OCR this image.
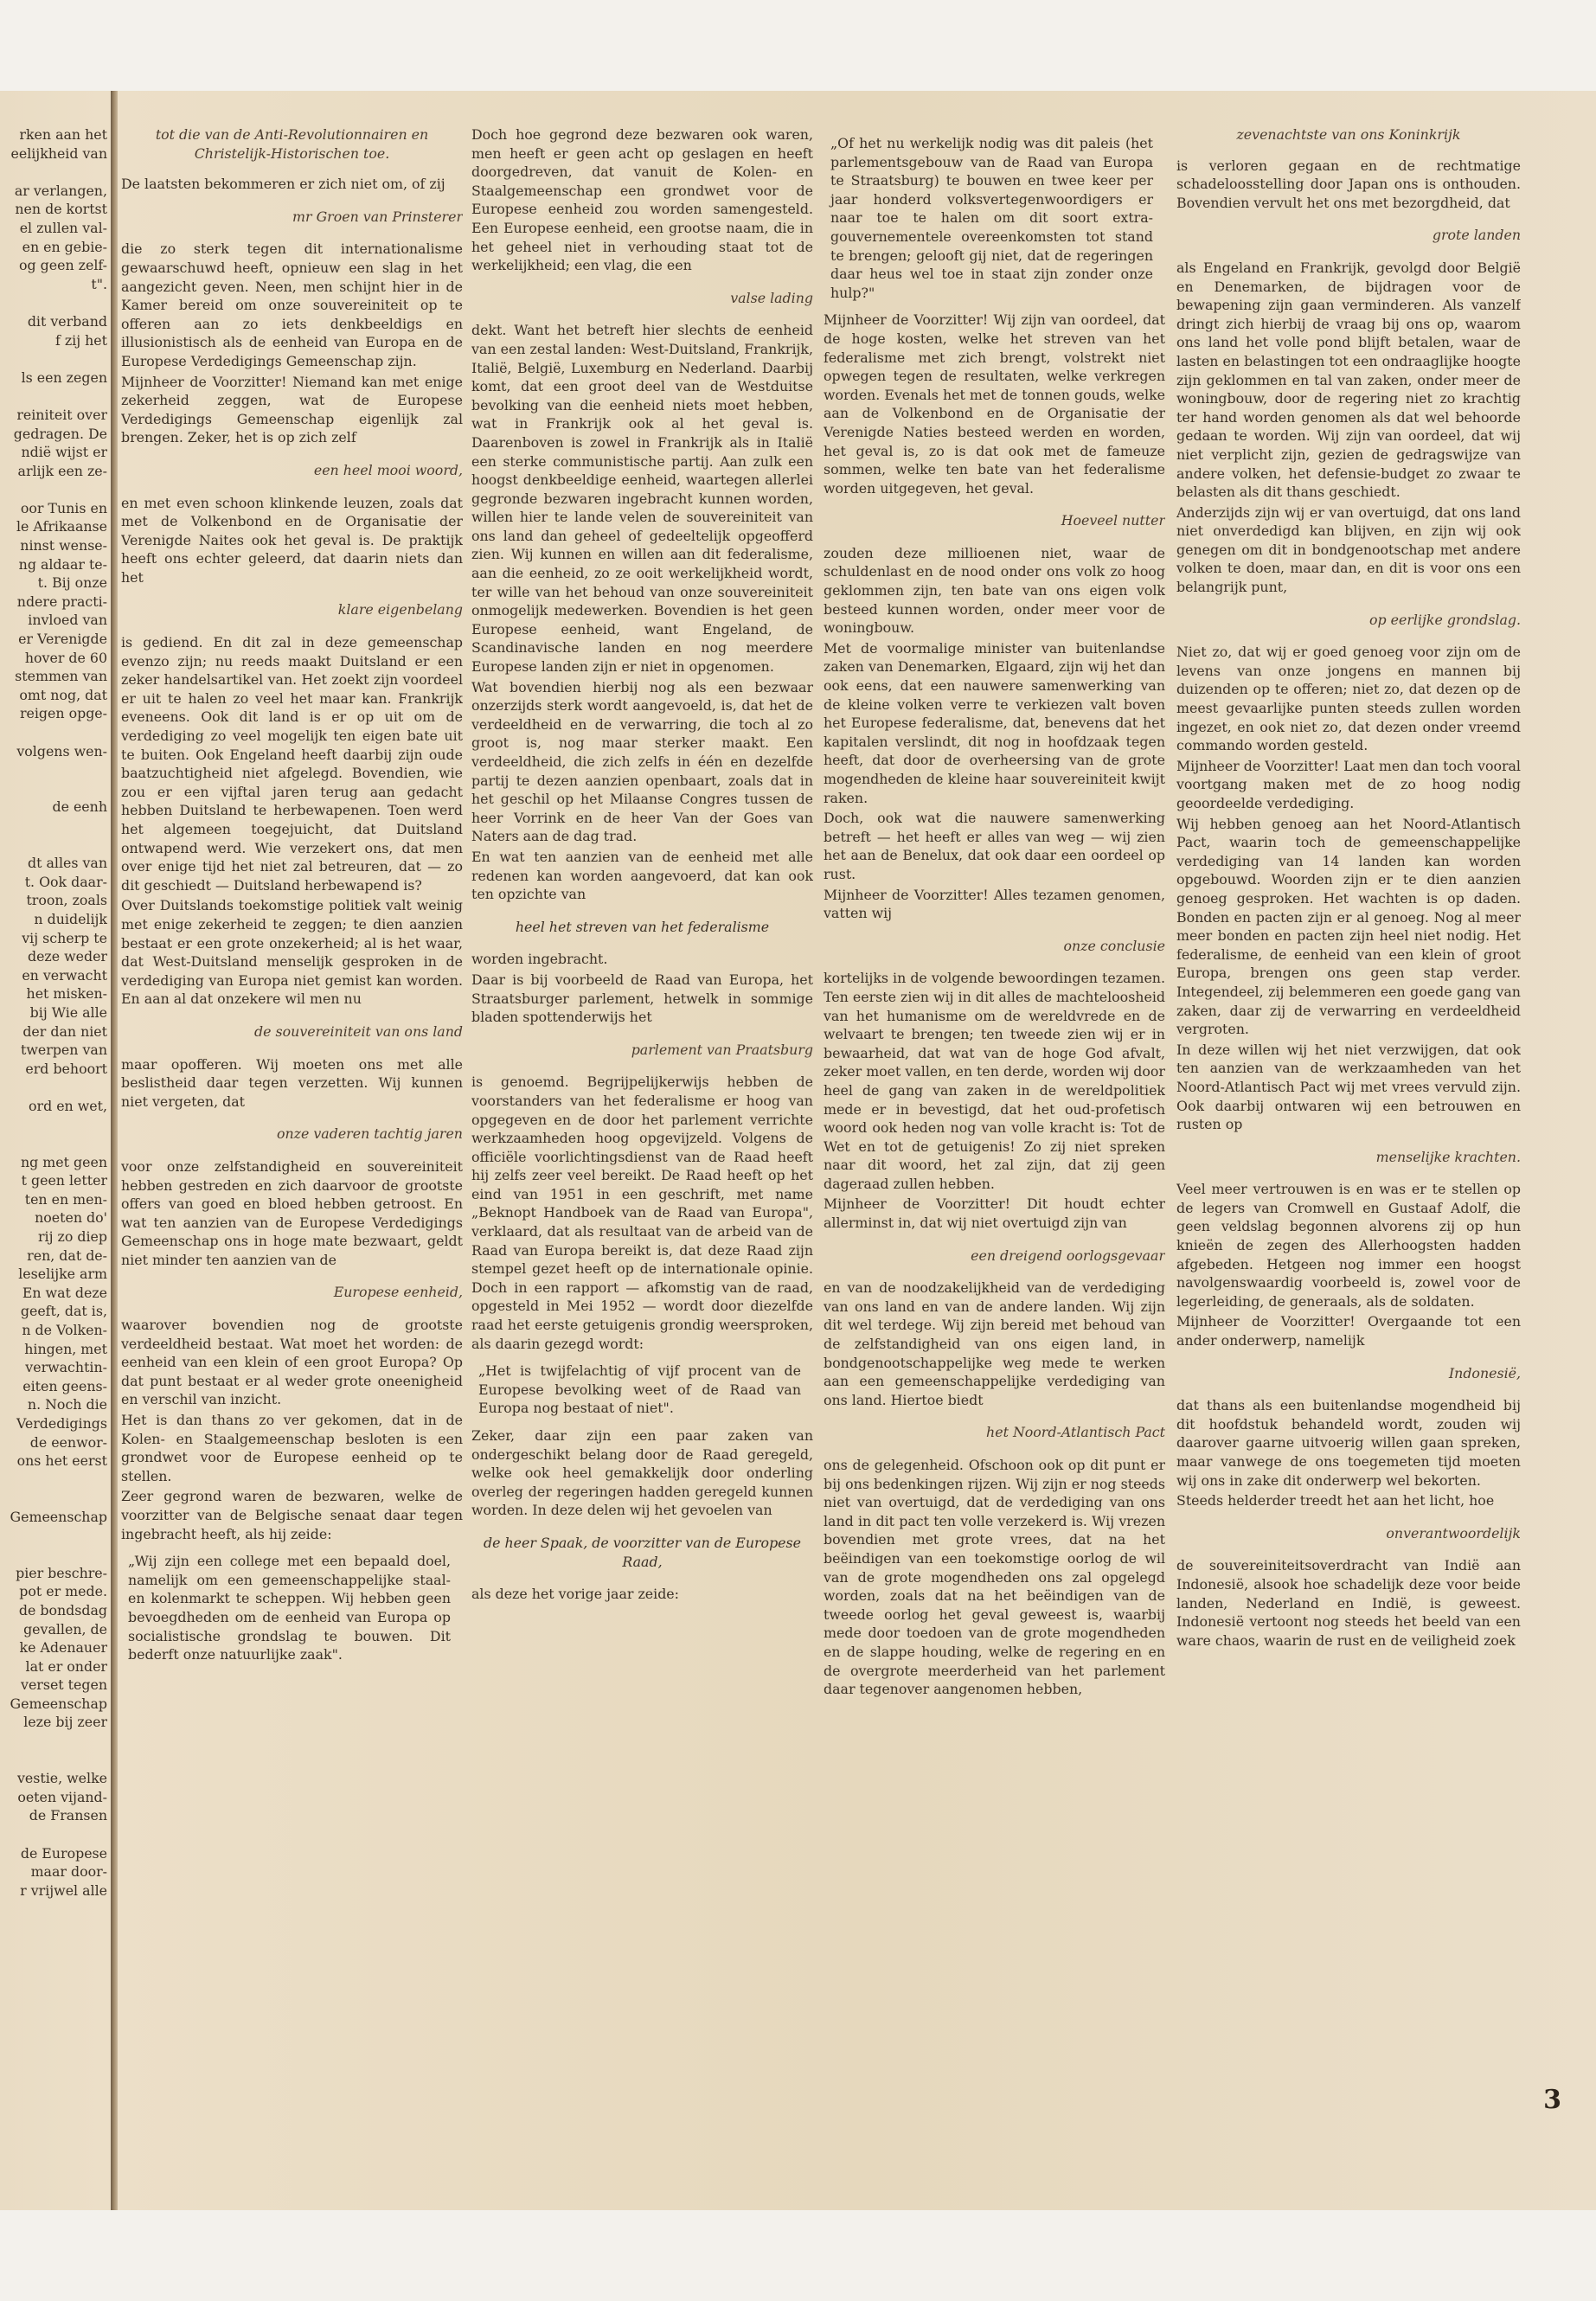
rken aan het
eelijkheid van

ar verlangen,
nen de kortst
el zullen val-
en en gebie-
og geen zelf-
t".

dit verband
f zij het

ls een zegen

reiniteit over
gedragen. De
ndië wijst er
arlijk een ze-

oor Tunis en
le Afrikaanse
ninst wense-
ng aldaar te-
t. Bij onze
ndere practi-
invloed van
er Verenigde
hover de 60
stemmen van
omt nog, dat
reigen opge-

volgens wen-

de eenh

dt alles van
t. Ook daar-
troon, zoals
n duidelijk
vij scherp te
deze weder
en verwacht
het misken-
bij Wie alle
der dan niet
twerpen van
erd behoort

ord en wet,

ng met geen
t geen letter
ten en men-
noeten do'
rij zo diep
ren, dat de-
leselijke arm
En wat deze
geeft, dat is,
n de Volken-
hingen, met
verwachtin-
eiten geens-
n. Noch die
Verdedigings
de eenwor-
ons het eerst

Gemeenschap

pier beschre-
pot er mede.
de bondsdag
gevallen, de
ke Adenauer
lat er onder
verset tegen
Gemeenschap
leze bij zeer

vestie, welke
oeten vijand-
de Fransen

de Europese
maar door-
r vrijwel alle
tot die van de Anti-Revolutionnairen en Christelijk-Historischen toe.

De laatsten bekommeren er zich niet om, of zij

mr Groen van Prinsterer

die zo sterk tegen dit internationalisme gewaarschuwd heeft, opnieuw een slag in het aangezicht geven. Neen, men schijnt hier in de Kamer bereid om onze souvereiniteit op te offeren aan zo iets denkbeeldigs en illusionistisch als de eenheid van Europa en de Europese Verdedigings Gemeenschap zijn.

Mijnheer de Voorzitter! Niemand kan met enige zekerheid zeggen, wat de Europese Verdedigings Gemeenschap eigenlijk zal brengen. Zeker, het is op zich zelf

een heel mooi woord,

en met even schoon klinkende leuzen, zoals dat met de Volkenbond en de Organisatie der Verenigde Naites ook het geval is. De praktijk heeft ons echter geleerd, dat daarin niets dan het

klare eigenbelang

is gediend. En dit zal in deze gemeenschap evenzo zijn; nu reeds maakt Duitsland er een zeker handelsartikel van. Het zoekt zijn voordeel er uit te halen zo veel het maar kan. Frankrijk eveneens. Ook dit land is er op uit om de verdediging zo veel mogelijk ten eigen bate uit te buiten. Ook Engeland heeft daarbij zijn oude baatzuchtigheid niet afgelegd. Bovendien, wie zou er een vijftal jaren terug aan gedacht hebben Duitsland te herbewapenen. Toen werd het algemeen toegejuicht, dat Duitsland ontwapend werd. Wie verzekert ons, dat men over enige tijd het niet zal betreuren, dat — zo dit geschiedt — Duitsland herbewapend is?

Over Duitslands toekomstige politiek valt weinig met enige zekerheid te zeggen; te dien aanzien bestaat er een grote onzekerheid; al is het waar, dat West-Duitsland menselijk gesproken in de verdediging van Europa niet gemist kan worden. En aan al dat onzekere wil men nu

de souvereiniteit van ons land

maar opofferen. Wij moeten ons met alle beslistheid daar tegen verzetten. Wij kunnen niet vergeten, dat

onze vaderen tachtig jaren

voor onze zelfstandigheid en souvereiniteit hebben gestreden en zich daarvoor de grootste offers van goed en bloed hebben getroost. En wat ten aanzien van de Europese Verdedigings Gemeenschap ons in hoge mate bezwaart, geldt niet minder ten aanzien van de

Europese eenheid,

waarover bovendien nog de grootste verdeeldheid bestaat. Wat moet het worden: de eenheid van een klein of een groot Europa? Op dat punt bestaat er al weder grote oneenigheid en verschil van inzicht.

Het is dan thans zo ver gekomen, dat in de Kolen- en Staalgemeenschap besloten is een grondwet voor de Europese eenheid op te stellen.

Zeer gegrond waren de bezwaren, welke de voorzitter van de Belgische senaat daar tegen ingebracht heeft, als hij zeide:

„Wij zijn een college met een bepaald doel, namelijk om een gemeenschappelijke staal- en kolenmarkt te scheppen. Wij hebben geen bevoegdheden om de eenheid van Europa op socialistische grondslag te bouwen. Dit bederft onze natuurlijke zaak".

Doch hoe gegrond deze bezwaren ook waren, men heeft er geen acht op geslagen en heeft doorgedreven, dat vanuit de Kolen- en Staalgemeenschap een grondwet voor de Europese eenheid zou worden samengesteld. Een Europese eenheid, een grootse naam, die in het geheel niet in verhouding staat tot de werkelijkheid; een vlag, die een

valse lading

dekt. Want het betreft hier slechts de eenheid van een zestal landen: West-Duitsland, Frankrijk, Italië, België, Luxemburg en Nederland. Daarbij komt, dat een groot deel van de Westduitse bevolking van die eenheid niets moet hebben, wat in Frankrijk ook al het geval is. Daarenboven is zowel in Frankrijk als in Italië een sterke communistische partij. Aan zulk een hoogst denkbeeldige eenheid, waartegen allerlei gegronde bezwaren ingebracht kunnen worden, willen hier te lande velen de souvereiniteit van ons land dan geheel of gedeeltelijk opgeofferd zien. Wij kunnen en willen aan dit federalisme, aan die eenheid, zo ze ooit werkelijkheid wordt, ter wille van het behoud van onze souvereiniteit onmogelijk medewerken. Bovendien is het geen Europese eenheid, want Engeland, de Scandinavische landen en nog meerdere Europese landen zijn er niet in opgenomen.

Wat bovendien hierbij nog als een bezwaar onzerzijds sterk wordt aangevoeld, is, dat het de verdeeldheid en de verwarring, die toch al zo groot is, nog maar sterker maakt. Een verdeeldheid, die zich zelfs in één en dezelfde partij te dezen aanzien openbaart, zoals dat in het geschil op het Milaanse Congres tussen de heer Vorrink en de heer Van der Goes van Naters aan de dag trad.

En wat ten aanzien van de eenheid met alle redenen kan worden aangevoerd, dat kan ook ten opzichte van

heel het streven van het federalisme

worden ingebracht.

Daar is bij voorbeeld de Raad van Europa, het Straatsburger parlement, hetwelk in sommige bladen spottenderwijs het

parlement van Praatsburg

is genoemd. Begrijpelijkerwijs hebben de voorstanders van het federalisme er hoog van opgegeven en de door het parlement verrichte werkzaamheden hoog opgevijzeld. Volgens de officiële voorlichtingsdienst van de Raad heeft hij zelfs zeer veel bereikt. De Raad heeft op het eind van 1951 in een geschrift, met name „Beknopt Handboek van de Raad van Europa", verklaard, dat als resultaat van de arbeid van de Raad van Europa bereikt is, dat deze Raad zijn stempel gezet heeft op de internationale opinie. Doch in een rapport — afkomstig van de raad, opgesteld in Mei 1952 — wordt door diezelfde raad het eerste getuigenis grondig weersproken, als daarin gezegd wordt:

„Het is twijfelachtig of vijf procent van de Europese bevolking weet of de Raad van Europa nog bestaat of niet".

Zeker, daar zijn een paar zaken van ondergeschikt belang door de Raad geregeld, welke ook heel gemakkelijk door onderling overleg der regeringen hadden geregeld kunnen worden. In deze delen wij het gevoelen van

de heer Spaak, de voorzitter van de Europese Raad,

als deze het vorige jaar zeide:

„Of het nu werkelijk nodig was dit paleis (het parlementsgebouw van de Raad van Europa te Straatsburg) te bouwen en twee keer per jaar honderd volksvertegenwoordigers er naar toe te halen om dit soort extra-gouvernementele overeenkomsten tot stand te brengen; gelooft gij niet, dat de regeringen daar heus wel toe in staat zijn zonder onze hulp?"

Mijnheer de Voorzitter! Wij zijn van oordeel, dat de hoge kosten, welke het streven van het federalisme met zich brengt, volstrekt niet opwegen tegen de resultaten, welke verkregen worden. Evenals het met de tonnen gouds, welke aan de Volkenbond en de Organisatie der Verenigde Naties besteed werden en worden, het geval is, zo is dat ook met de fameuze sommen, welke ten bate van het federalisme worden uitgegeven, het geval.

Hoeveel nutter

zouden deze millioenen niet, waar de schuldenlast en de nood onder ons volk zo hoog geklommen zijn, ten bate van ons eigen volk besteed kunnen worden, onder meer voor de woningbouw.

Met de voormalige minister van buitenlandse zaken van Denemarken, Elgaard, zijn wij het dan ook eens, dat een nauwere samenwerking van de kleine volken verre te verkiezen valt boven het Europese federalisme, dat, benevens dat het kapitalen verslindt, dit nog in hoofdzaak tegen heeft, dat door de overheersing van de grote mogendheden de kleine haar souvereiniteit kwijt raken.

Doch, ook wat die nauwere samenwerking betreft — het heeft er alles van weg — wij zien het aan de Benelux, dat ook daar een oordeel op rust.

Mijnheer de Voorzitter! Alles tezamen genomen, vatten wij

onze conclusie

kortelijks in de volgende bewoordingen tezamen. Ten eerste zien wij in dit alles de machteloosheid van het humanisme om de wereldvrede en de welvaart te brengen; ten tweede zien wij er in bewaarheid, dat wat van de hoge God afvalt, zeker moet vallen, en ten derde, worden wij door heel de gang van zaken in de wereldpolitiek mede er in bevestigd, dat het oud-profetisch woord ook heden nog van volle kracht is: Tot de Wet en tot de getuigenis! Zo zij niet spreken naar dit woord, het zal zijn, dat zij geen dageraad zullen hebben.

Mijnheer de Voorzitter! Dit houdt echter allerminst in, dat wij niet overtuigd zijn van

een dreigend oorlogsgevaar

en van de noodzakelijkheid van de verdediging van ons land en van de andere landen. Wij zijn dit wel terdege. Wij zijn bereid met behoud van de zelfstandigheid van ons eigen land, in bondgenootschappelijke weg mede te werken aan een gemeenschappelijke verdediging van ons land. Hiertoe biedt

het Noord-Atlantisch Pact

ons de gelegenheid. Ofschoon ook op dit punt er bij ons bedenkingen rijzen. Wij zijn er nog steeds niet van overtuigd, dat de verdediging van ons land in dit pact ten volle verzekerd is. Wij vrezen bovendien met grote vrees, dat na het beëindigen van een toekomstige oorlog de wil van de grote mogendheden ons zal opgelegd worden, zoals dat na het beëindigen van de tweede oorlog het geval geweest is, waarbij mede door toedoen van de grote mogendheden en de slappe houding, welke de regering en en de overgrote meerderheid van het parlement daar tegenover aangenomen hebben,

zevenachtste van ons Koninkrijk

is verloren gegaan en de rechtmatige schadeloosstelling door Japan ons is onthouden. Bovendien vervult het ons met bezorgdheid, dat

grote landen

als Engeland en Frankrijk, gevolgd door België en Denemarken, de bijdragen voor de bewapening zijn gaan verminderen. Als vanzelf dringt zich hierbij de vraag bij ons op, waarom ons land het volle pond blijft betalen, waar de lasten en belastingen tot een ondraaglijke hoogte zijn geklommen en tal van zaken, onder meer de woningbouw, door de regering niet zo krachtig ter hand worden genomen als dat wel behoorde gedaan te worden. Wij zijn van oordeel, dat wij niet verplicht zijn, gezien de gedragswijze van andere volken, het defensie-budget zo zwaar te belasten als dit thans geschiedt.

Anderzijds zijn wij er van overtuigd, dat ons land niet onverdedigd kan blijven, en zijn wij ook genegen om dit in bondgenootschap met andere volken te doen, maar dan, en dit is voor ons een belangrijk punt,

op eerlijke grondslag.

Niet zo, dat wij er goed genoeg voor zijn om de levens van onze jongens en mannen bij duizenden op te offeren; niet zo, dat dezen op de meest gevaarlijke punten steeds zullen worden ingezet, en ook niet zo, dat dezen onder vreemd commando worden gesteld.

Mijnheer de Voorzitter! Laat men dan toch vooral voortgang maken met de zo hoog nodig geoordeelde verdediging.

Wij hebben genoeg aan het Noord-Atlantisch Pact, waarin toch de gemeenschappelijke verdediging van 14 landen kan worden opgebouwd. Woorden zijn er te dien aanzien genoeg gesproken. Het wachten is op daden. Bonden en pacten zijn er al genoeg. Nog al meer meer bonden en pacten zijn heel niet nodig. Het federalisme, de eenheid van een klein of groot Europa, brengen ons geen stap verder. Integendeel, zij belemmeren een goede gang van zaken, daar zij de verwarring en verdeeldheid vergroten.

In deze willen wij het niet verzwijgen, dat ook ten aanzien van de werkzaamheden van het Noord-Atlantisch Pact wij met vrees vervuld zijn. Ook daarbij ontwaren wij een betrouwen en rusten op

menselijke krachten.

Veel meer vertrouwen is en was er te stellen op de legers van Cromwell en Gustaaf Adolf, die geen veldslag begonnen alvorens zij op hun knieën de zegen des Allerhoogsten hadden afgebeden. Hetgeen nog immer een hoogst navolgenswaardig voorbeeld is, zowel voor de legerleiding, de generaals, als de soldaten.

Mijnheer de Voorzitter! Overgaande tot een ander onderwerp, namelijk

Indonesië,

dat thans als een buitenlandse mogendheid bij dit hoofdstuk behandeld wordt, zouden wij daarover gaarne uitvoerig willen gaan spreken, maar vanwege de ons toegemeten tijd moeten wij ons in zake dit onderwerp wel bekorten.

Steeds helderder treedt het aan het licht, hoe

onverantwoordelijk

de souvereiniteitsoverdracht van Indië aan Indonesië, alsook hoe schadelijk deze voor beide landen, Nederland en Indië, is geweest. Indonesië vertoont nog steeds het beeld van een ware chaos, waarin de rust en de veiligheid zoek

3
